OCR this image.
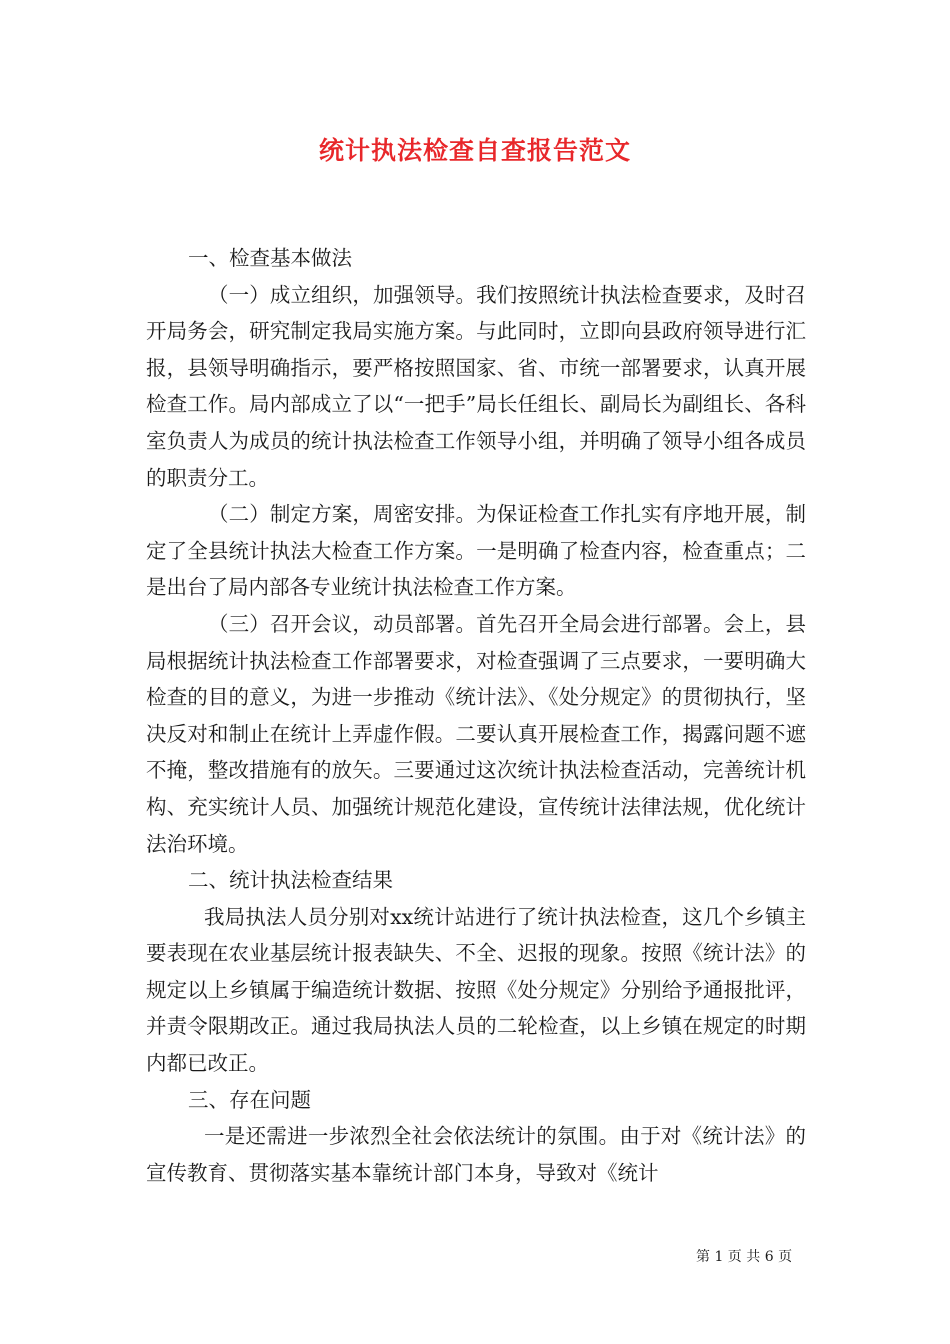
统计执法检查自查报告范文

一、检查基本做法

（一）成立组织，加强领导。我们按照统计执法检查要求，及时召开局务会，研究制定我局实施方案。与此同时，立即向县政府领导进行汇报，县领导明确指示，要严格按照国家、省、市统一部署要求，认真开展检查工作。局内部成立了以“一把手”局长任组长、副局长为副组长、各科室负责人为成员的统计执法检查工作领导小组，并明确了领导小组各成员的职责分工。

（二）制定方案，周密安排。为保证检查工作扎实有序地开展，制定了全县统计执法大检查工作方案。一是明确了检查内容，检查重点；二是出台了局内部各专业统计执法检查工作方案。

（三）召开会议，动员部署。首先召开全局会进行部署。会上，县局根据统计执法检查工作部署要求，对检查强调了三点要求，一要明确大检查的目的意义，为进一步推动《统计法》、《处分规定》的贯彻执行，坚决反对和制止在统计上弄虚作假。二要认真开展检查工作，揭露问题不遮不掩，整改措施有的放矢。三要通过这次统计执法检查活动，完善统计机构、充实统计人员、加强统计规范化建设，宣传统计法律法规，优化统计法治环境。

二、统计执法检查结果

我局执法人员分别对xx统计站进行了统计执法检查，这几个乡镇主要表现在农业基层统计报表缺失、不全、迟报的现象。按照《统计法》的规定以上乡镇属于编造统计数据、按照《处分规定》分别给予通报批评，并责令限期改正。通过我局执法人员的二轮检查，以上乡镇在规定的时期内都已改正。

三、存在问题

一是还需进一步浓烈全社会依法统计的氛围。由于对《统计法》的宣传教育、贯彻落实基本靠统计部门本身，导致对《统计

第 1 页 共 6 页
